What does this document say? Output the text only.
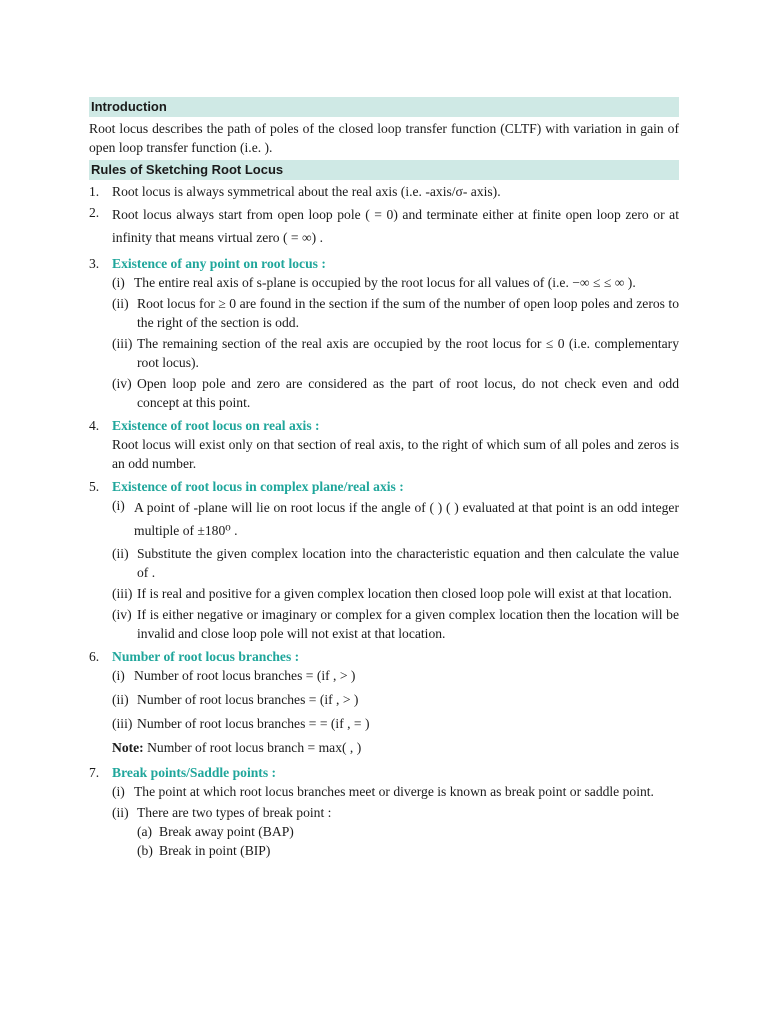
Introduction
Root locus describes the path of poles of the closed loop transfer function (CLTF) with variation in gain of open loop transfer function (i.e. ).
Rules of Sketching Root Locus
1. Root locus is always symmetrical about the real axis (i.e. -axis/σ- axis).
2. Root locus always start from open loop pole ( = 0) and terminate either at finite open loop zero or at infinity that means virtual zero ( = ∞) .
3. Existence of any point on root locus :
(i) The entire real axis of s-plane is occupied by the root locus for all values of (i.e. −∞ ≤ ≤ ∞ ).
(ii) Root locus for ≥ 0 are found in the section if the sum of the number of open loop poles and zeros to the right of the section is odd.
(iii) The remaining section of the real axis are occupied by the root locus for ≤ 0 (i.e. complementary root locus).
(iv) Open loop pole and zero are considered as the part of root locus, do not check even and odd concept at this point.
4. Existence of root locus on real axis :
Root locus will exist only on that section of real axis, to the right of which sum of all poles and zeros is an odd number.
5. Existence of root locus in complex plane/real axis :
(i) A point of -plane will lie on root locus if the angle of ( ) ( ) evaluated at that point is an odd integer multiple of ±180⁰ .
(ii) Substitute the given complex location into the characteristic equation and then calculate the value of .
(iii) If is real and positive for a given complex location then closed loop pole will exist at that location.
(iv) If is either negative or imaginary or complex for a given complex location then the location will be invalid and close loop pole will not exist at that location.
6. Number of root locus branches :
(i) Number of root locus branches = (if , > )
(ii) Number of root locus branches = (if , > )
(iii) Number of root locus branches = = (if , = )
Note: Number of root locus branch = max( , )
7. Break points/Saddle points :
(i) The point at which root locus branches meet or diverge is known as break point or saddle point.
(ii) There are two types of break point :
(a) Break away point (BAP)
(b) Break in point (BIP)
